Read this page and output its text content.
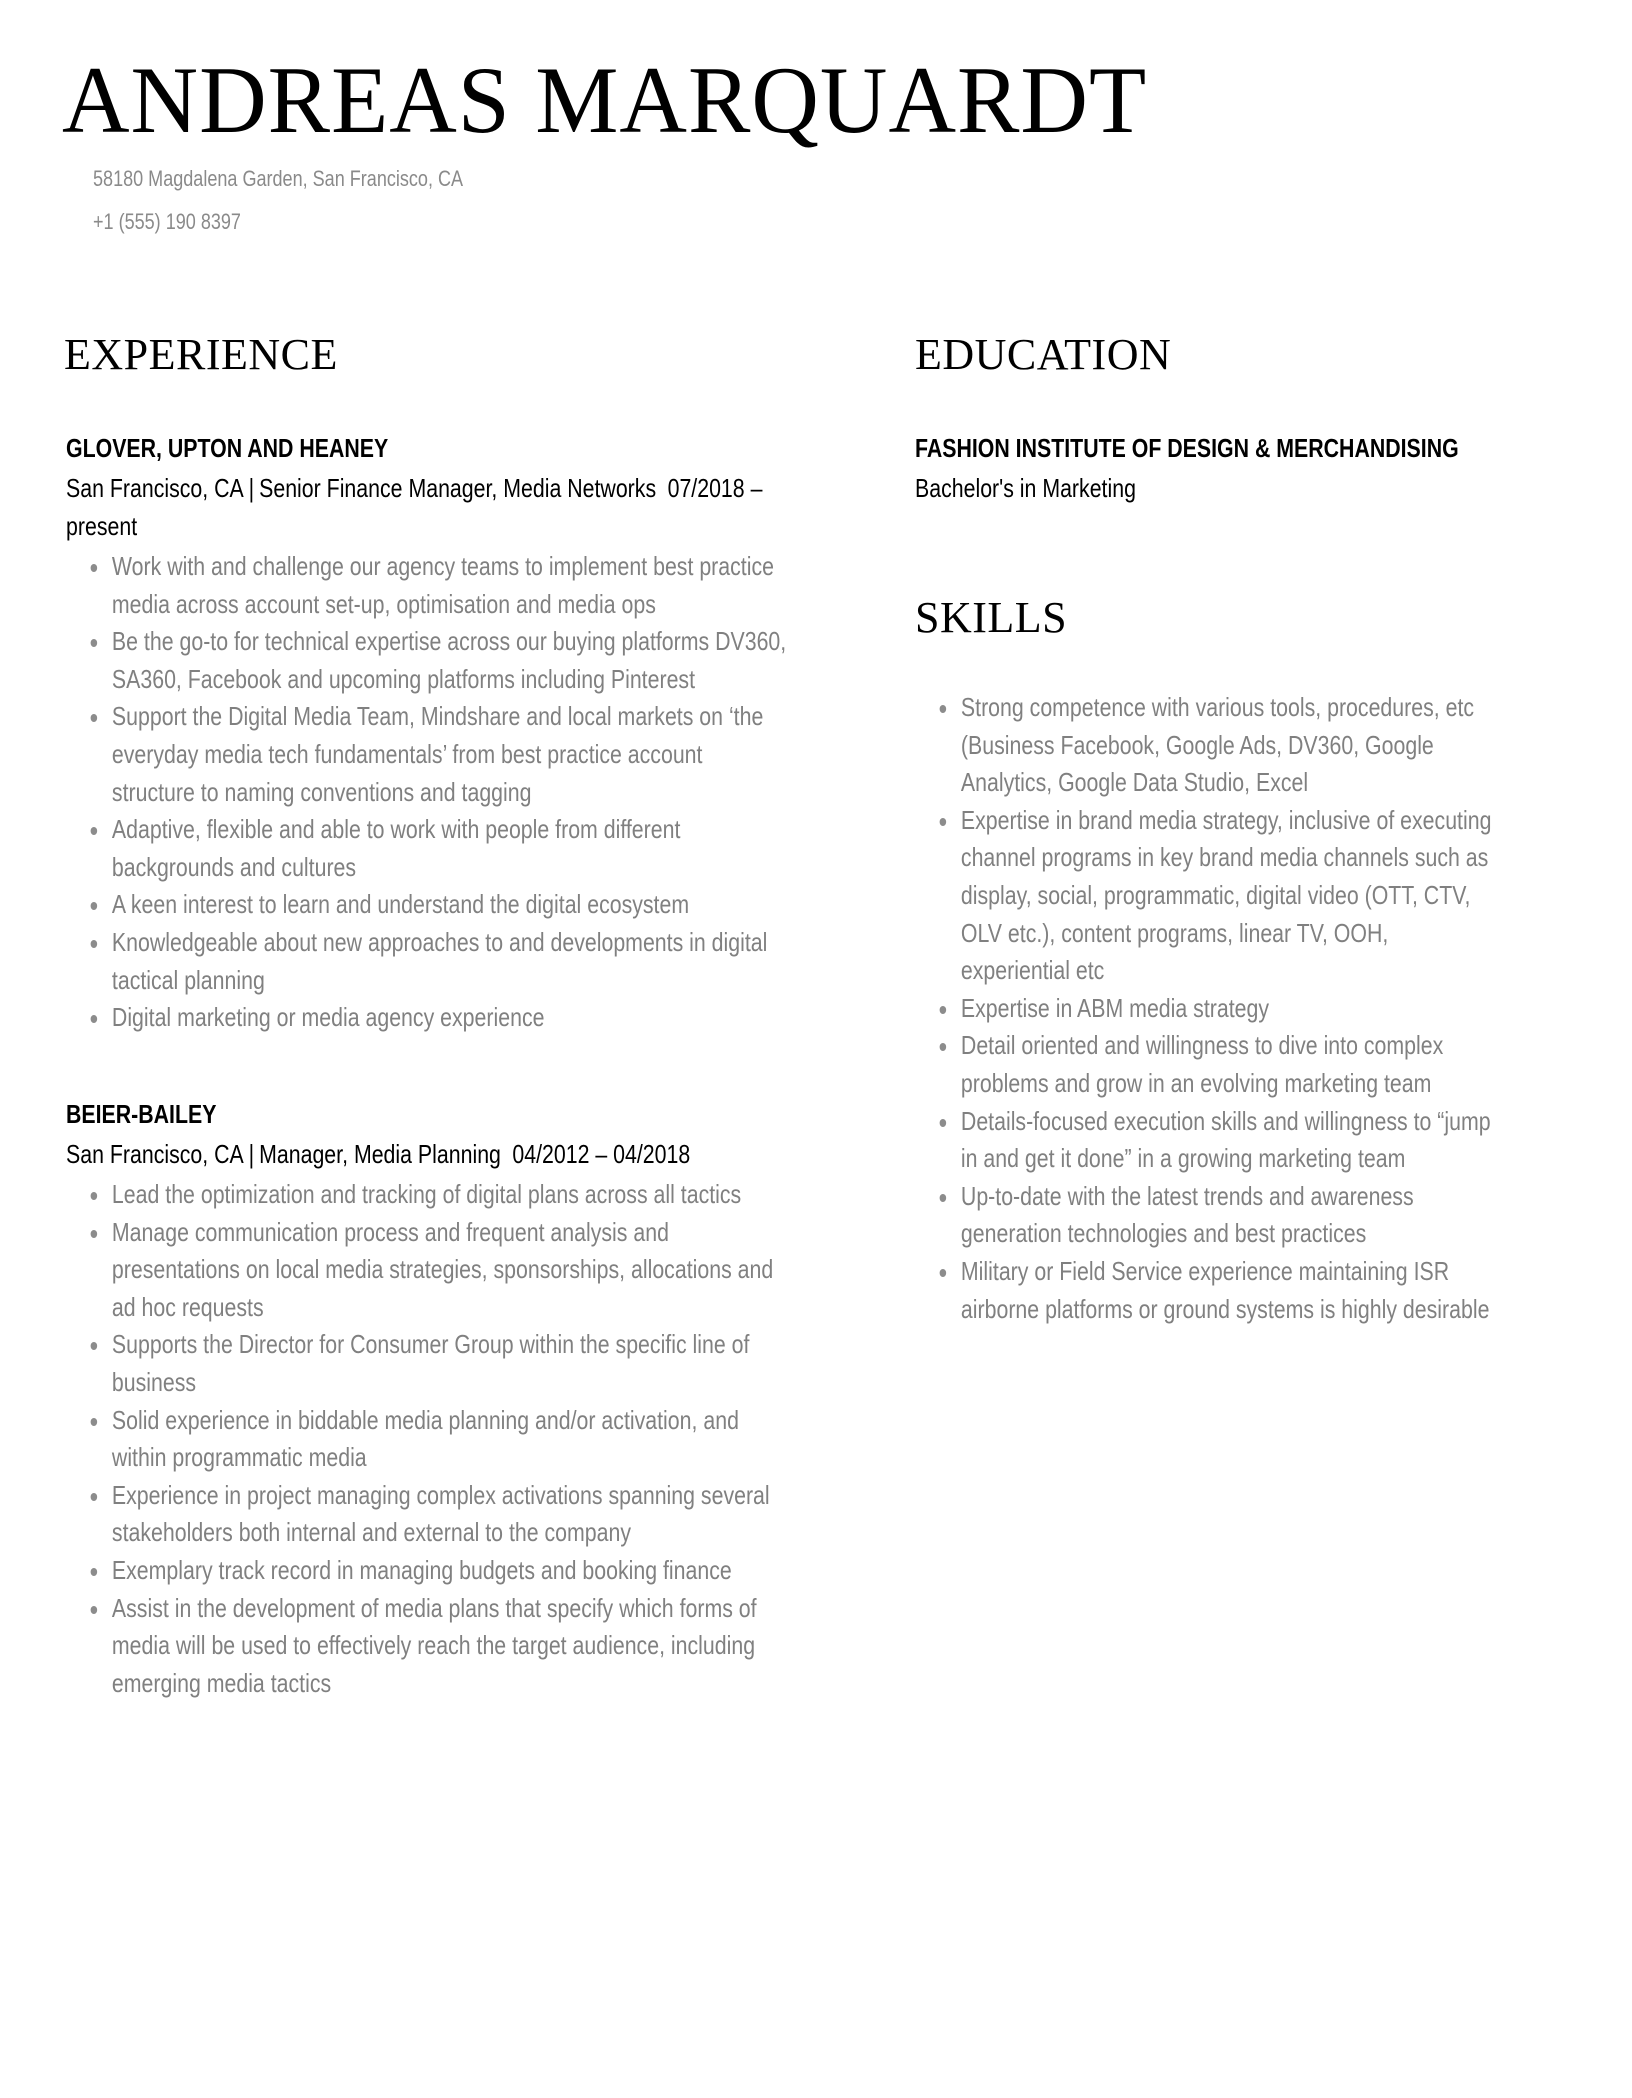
ANDREAS MARQUARDT
58180 Magdalena Garden, San Francisco, CA
+1 (555) 190 8397
EXPERIENCE	EDUCATION
SKILLS
GLOVER, UPTON AND HEANEY
San Francisco, CA | Senior Finance Manager, Media Networks 07/2018 –
present
Work with and challenge our agency teams to implement best practice
media across account set-up, optimisation and media ops
Be the go-to for technical expertise across our buying platforms DV360,
SA360, Facebook and upcoming platforms including Pinterest
Support the Digital Media Team, Mindshare and local markets on ‘the
everyday media tech fundamentals’ from best practice account
structure to naming conventions and tagging
Adaptive, flexible and able to work with people from different
backgrounds and cultures
A keen interest to learn and understand the digital ecosystem
Knowledgeable about new approaches to and developments in digital
tactical planning
Digital marketing or media agency experience
BEIER-BAILEY
San Francisco, CA | Manager, Media Planning 04/2012 – 04/2018
Lead the optimization and tracking of digital plans across all tactics
Manage communication process and frequent analysis and
presentations on local media strategies, sponsorships, allocations and
ad hoc requests
Supports the Director for Consumer Group within the specific line of
business
Solid experience in biddable media planning and/or activation, and
within programmatic media
Experience in project managing complex activations spanning several
stakeholders both internal and external to the company
Exemplary track record in managing budgets and booking finance
Assist in the development of media plans that specify which forms of
media will be used to effectively reach the target audience, including
emerging media tactics
FASHION INSTITUTE OF DESIGN & MERCHANDISING
Bachelor's in Marketing
Strong competence with various tools, procedures, etc
(Business Facebook, Google Ads, DV360, Google
Analytics, Google Data Studio, Excel
Expertise in brand media strategy, inclusive of executing
channel programs in key brand media channels such as
display, social, programmatic, digital video (OTT, CTV,
OLV etc.), content programs, linear TV, OOH,
experiential etc
Expertise in ABM media strategy
Detail oriented and willingness to dive into complex
problems and grow in an evolving marketing team
Details-focused execution skills and willingness to “jump
in and get it done” in a growing marketing team
Up-to-date with the latest trends and awareness
generation technologies and best practices
Military or Field Service experience maintaining ISR
airborne platforms or ground systems is highly desirable
